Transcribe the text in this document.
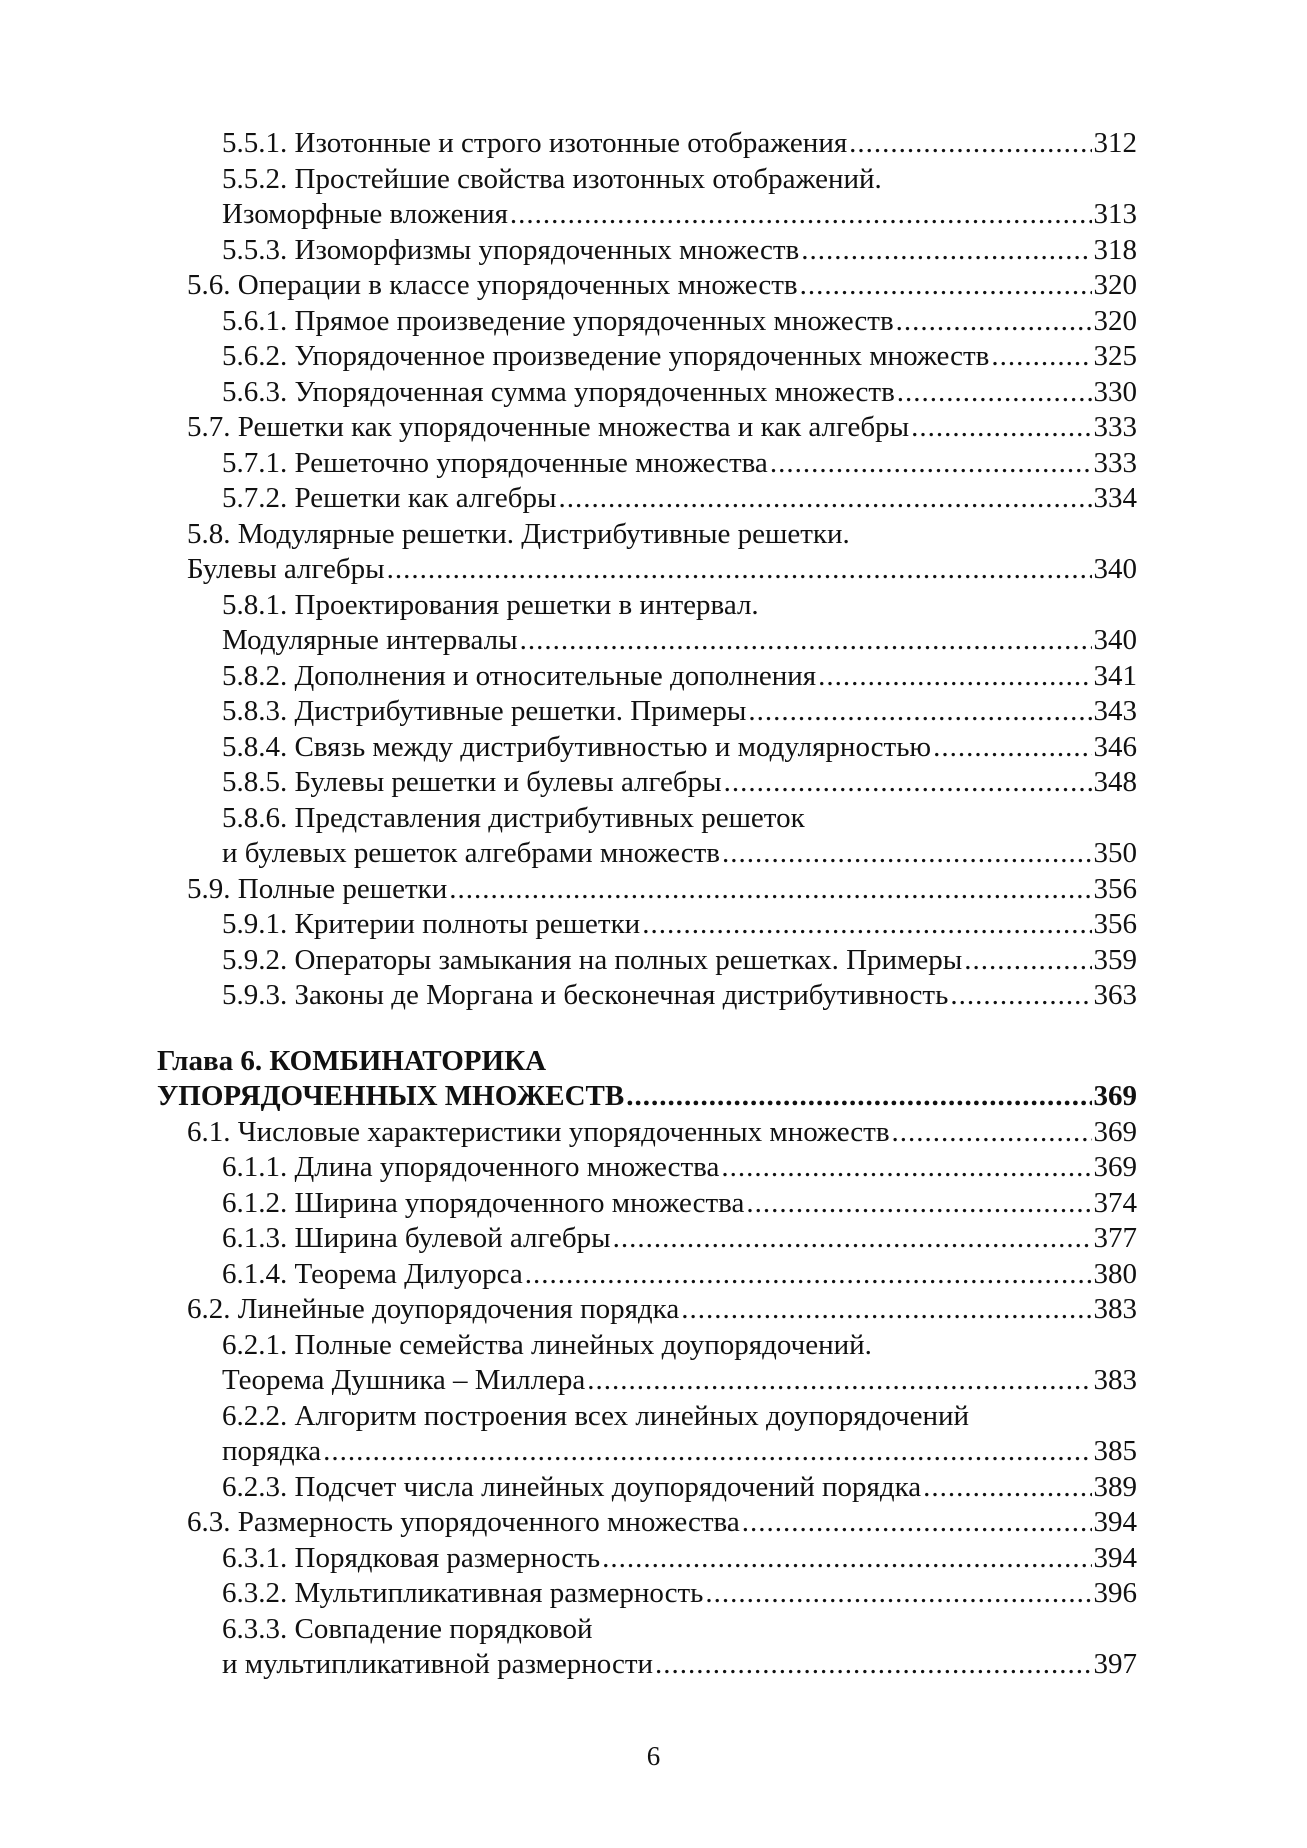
5.5.1. Изотонные и строго изотонные отображения .....	312
5.5.2. Простейшие свойства изотонных отображений.
Изоморфные вложения .....	313
5.5.3. Изоморфизмы упорядоченных множеств .....	318
5.6. Операции в классе упорядоченных множеств .....	320
5.6.1. Прямое произведение упорядоченных множеств .....	320
5.6.2. Упорядоченное произведение упорядоченных множеств .....	325
5.6.3. Упорядоченная сумма упорядоченных множеств .....	330
5.7. Решетки как упорядоченные множества и как алгебры .....	333
5.7.1. Решеточно упорядоченные множества .....	333
5.7.2. Решетки как алгебры .....	334
5.8. Модулярные решетки. Дистрибутивные решетки.
Булевы алгебры .....	340
5.8.1. Проектирования решетки в интервал.
Модулярные интервалы .....	340
5.8.2. Дополнения и относительные дополнения .....	341
5.8.3. Дистрибутивные решетки. Примеры .....	343
5.8.4. Связь между дистрибутивностью и модулярностью .....	346
5.8.5. Булевы решетки и булевы алгебры .....	348
5.8.6. Представления дистрибутивных решеток
и булевых решеток алгебрами множеств .....	350
5.9. Полные решетки .....	356
5.9.1. Критерии полноты решетки .....	356
5.9.2. Операторы замыкания на полных решетках. Примеры .....	359
5.9.3. Законы де Моргана и бесконечная дистрибутивность .....	363
Глава 6. КОМБИНАТОРИКА
УПОРЯДОЧЕННЫХ МНОЖЕСТВ .....	369
6.1. Числовые характеристики упорядоченных множеств .....	369
6.1.1. Длина упорядоченного множества .....	369
6.1.2. Ширина упорядоченного множества .....	374
6.1.3. Ширина булевой алгебры .....	377
6.1.4. Теорема Дилуорса .....	380
6.2. Линейные доупорядочения порядка .....	383
6.2.1. Полные семейства линейных доупорядочений.
Теорема Душника – Миллера .....	383
6.2.2. Алгоритм построения всех линейных доупорядочений
порядка .....	385
6.2.3. Подсчет числа линейных доупорядочений порядка .....	389
6.3. Размерность упорядоченного множества .....	394
6.3.1. Порядковая размерность .....	394
6.3.2. Мультипликативная размерность .....	396
6.3.3. Совпадение порядковой
и мультипликативной размерности .....	397
6
